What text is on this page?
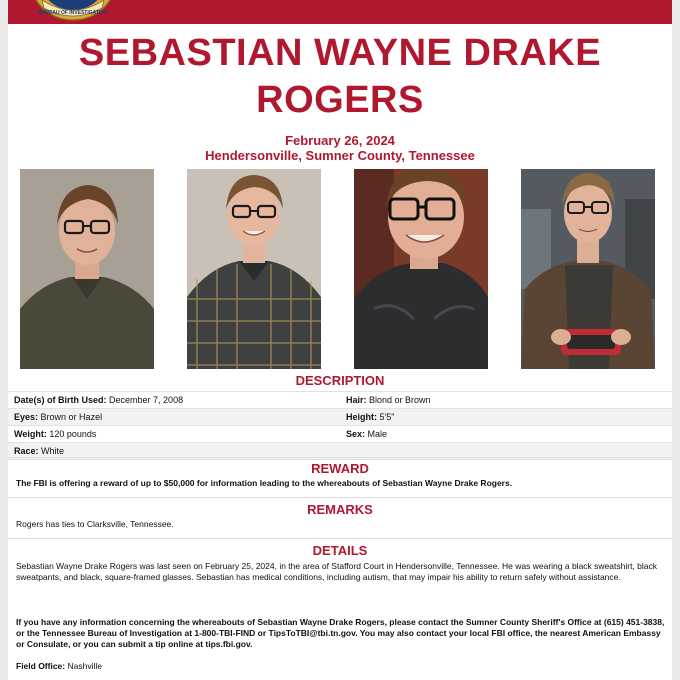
BUREAU OF INVESTIGATION
SEBASTIAN WAYNE DRAKE
ROGERS
February 26, 2024
Hendersonville, Sumner County, Tennessee
DESCRIPTION
Date(s) of Birth Used: December 7, 2008	Hair: Blond or Brown
Eyes: Brown or Hazel	Height: 5'5"
Weight: 120 pounds	Sex: Male
Race: White
REWARD
The FBI is offering a reward of up to $50,000 for information leading to the whereabouts of Sebastian Wayne Drake Rogers.
REMARKS
Rogers has ties to Clarksville, Tennessee.
DETAILS
Sebastian Wayne Drake Rogers was last seen on February 25, 2024, in the area of Stafford Court in Hendersonville, Tennessee. He was wearing a black sweatshirt, black sweatpants, and black, square-framed glasses. Sebastian has medical conditions, including autism, that may impair his ability to return safely without assistance.
If you have any information concerning the whereabouts of Sebastian Wayne Drake Rogers, please contact the Sumner County Sheriff's Office at (615) 451-3838, or the Tennessee Bureau of Investigation at 1-800-TBI-FIND or TipsToTBI@tbi.tn.gov. You may also contact your local FBI office, the nearest American Embassy or Consulate, or you can submit a tip online at tips.fbi.gov.
Field Office: Nashville
